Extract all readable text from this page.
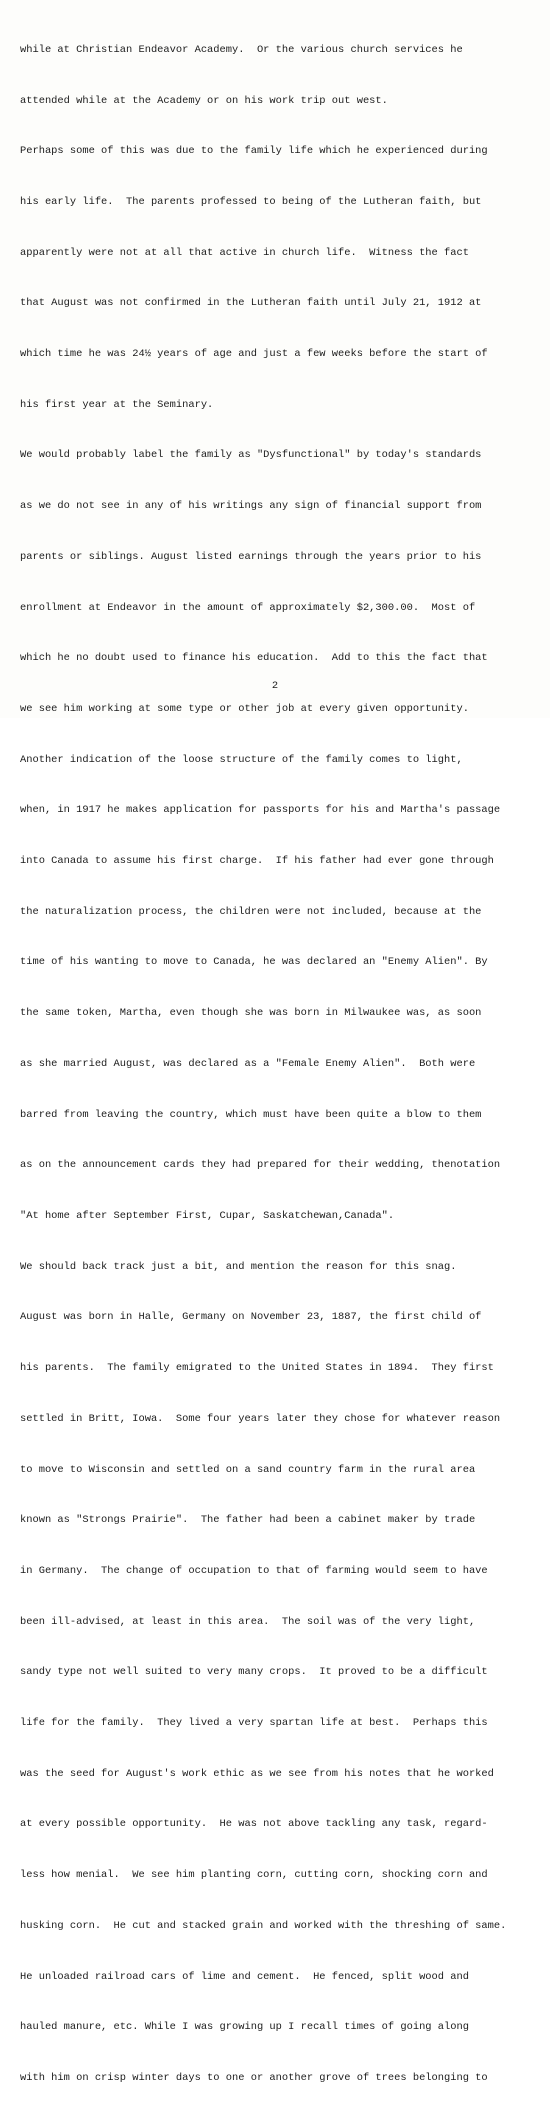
while at Christian Endeavor Academy.  Or the various church services he

attended while at the Academy or on his work trip out west.

Perhaps some of this was due to the family life which he experienced during

his early life.  The parents professed to being of the Lutheran faith, but

apparently were not at all that active in church life.  Witness the fact

that August was not confirmed in the Lutheran faith until July 21, 1912 at

which time he was 24½ years of age and just a few weeks before the start of

his first year at the Seminary.

We would probably label the family as "Dysfunctional" by today's standards

as we do not see in any of his writings any sign of financial support from

parents or siblings. August listed earnings through the years prior to his

enrollment at Endeavor in the amount of approximately $2,300.00.  Most of

which he no doubt used to finance his education.  Add to this the fact that

we see him working at some type or other job at every given opportunity.

Another indication of the loose structure of the family comes to light,

when, in 1917 he makes application for passports for his and Martha's passage

into Canada to assume his first charge.  If his father had ever gone through

the naturalization process, the children were not included, because at the

time of his wanting to move to Canada, he was declared an "Enemy Alien". By

the same token, Martha, even though she was born in Milwaukee was, as soon

as she married August, was declared as a "Female Enemy Alien".  Both were

barred from leaving the country, which must have been quite a blow to them

as on the announcement cards they had prepared for their wedding, thenotation

"At home after September First, Cupar, Saskatchewan,Canada".

We should back track just a bit, and mention the reason for this snag.

August was born in Halle, Germany on November 23, 1887, the first child of

his parents.  The family emigrated to the United States in 1894.  They first

settled in Britt, Iowa.  Some four years later they chose for whatever reason

to move to Wisconsin and settled on a sand country farm in the rural area

known as "Strongs Prairie".  The father had been a cabinet maker by trade

in Germany.  The change of occupation to that of farming would seem to have

been ill-advised, at least in this area.  The soil was of the very light,

sandy type not well suited to very many crops.  It proved to be a difficult

life for the family.  They lived a very spartan life at best.  Perhaps this

was the seed for August's work ethic as we see from his notes that he worked

at every possible opportunity.  He was not above tackling any task, regard-

less how menial.  We see him planting corn, cutting corn, shocking corn and

husking corn.  He cut and stacked grain and worked with the threshing of same.

He unloaded railroad cars of lime and cement.  He fenced, split wood and

hauled manure, etc. While I was growing up I recall times of going along

with him on crisp winter days to one or another grove of trees belonging to

2
